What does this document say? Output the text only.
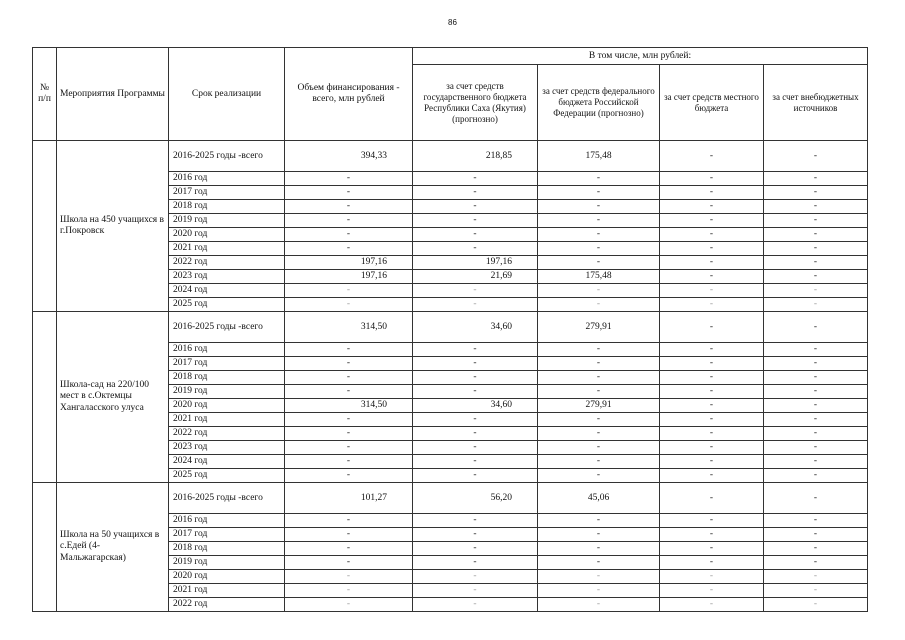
86
№ п/п	Мероприятия Программы	Срок реализации	Объем финансирования - всего, млн рублей	В том числе, млн рублей:			
				за счет средств государственного бюджета Республики Саха (Якутия) (прогнозно)	за счет средств федерального бюджета Российской Федерации (прогнозно)	за счет средств местного бюджета	за счет внебюджетных источников
	Школа на 450 учащихся в г.Покровск	2016-2025 годы -всего	394,33	218,85	175,48	-	-
		2016 год	-	-	-	-	-
		2017 год	-	-	-	-	-
		2018 год	-	-	-	-	-
		2019 год	-	-	-	-	-
		2020 год	-	-	-	-	-
		2021 год	-	-	-	-	-
		2022 год	197,16	197,16	-	-	-
		2023 год	197,16	21,69	175,48	-	-
		2024 год	-	-	-	-	-
		2025 год	-	-	-	-	-
	Школа-сад на 220/100 мест в с.Октемцы Хангаласского улуса	2016-2025 годы -всего	314,50	34,60	279,91	-	-
		2016 год	-	-	-	-	-
		2017 год	-	-	-	-	-
		2018 год	-	-	-	-	-
		2019 год	-	-	-	-	-
		2020 год	314,50	34,60	279,91	-	-
		2021 год	-	-	-	-	-
		2022 год	-	-	-	-	-
		2023 год	-	-	-	-	-
		2024 год	-	-	-	-	-
		2025 год	-	-	-	-	-
	Школа на 50 учащихся в с.Едей (4-Мальжагарская)	2016-2025 годы -всего	101,27	56,20	45,06	-	-
		2016 год	-	-	-	-	-
		2017 год	-	-	-	-	-
		2018 год	-	-	-	-	-
		2019 год	-	-	-	-	-
		2020 год	-	-	-	-	-
		2021 год	-	-	-	-	-
		2022 год	-	-	-	-	-
